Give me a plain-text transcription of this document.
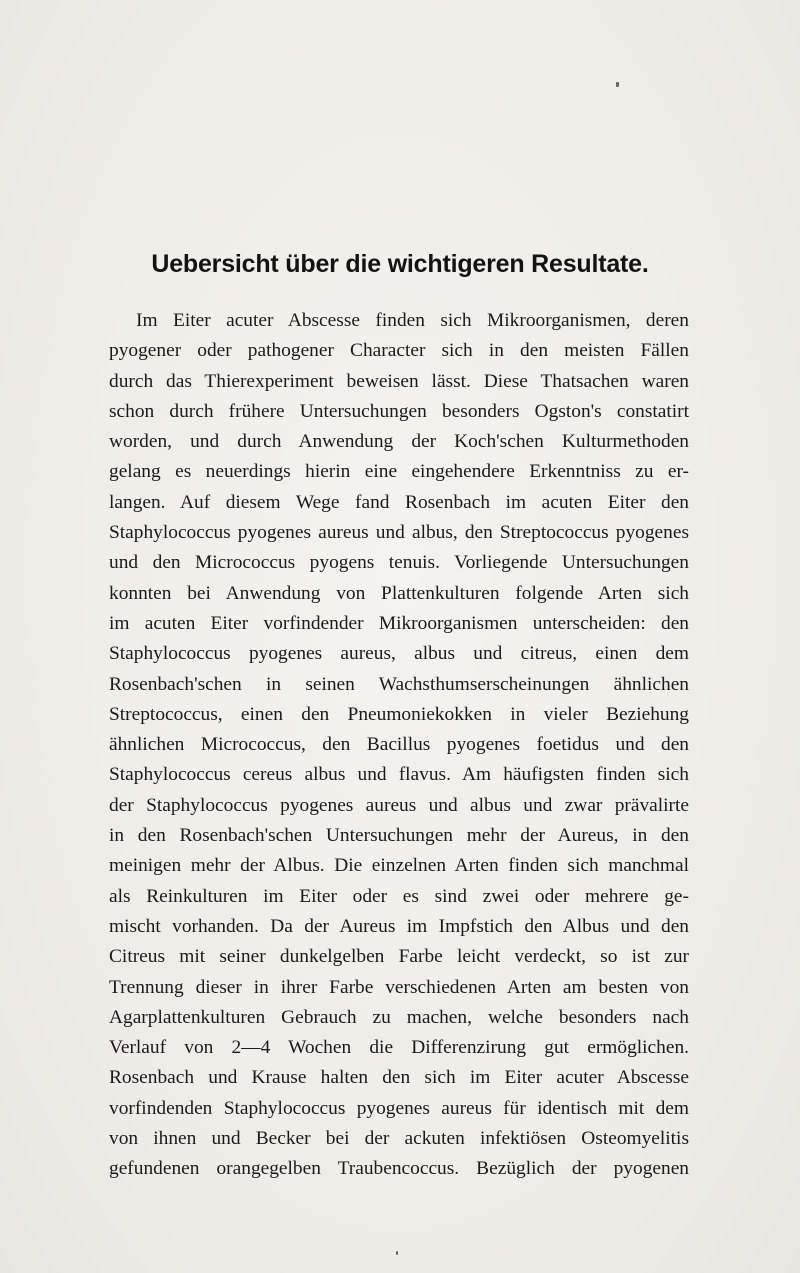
Uebersicht über die wichtigeren Resultate.
Im Eiter acuter Abscesse finden sich Mikroorganismen, deren
pyogener oder pathogener Character sich in den meisten Fällen
durch das Thierexperiment beweisen lässt. Diese Thatsachen waren
schon durch frühere Untersuchungen besonders Ogston's constatirt
worden, und durch Anwendung der Koch'schen Kulturmethoden
gelang es neuerdings hierin eine eingehendere Erkenntniss zu er-
langen. Auf diesem Wege fand Rosenbach im acuten Eiter den
Staphylococcus pyogenes aureus und albus, den Streptococcus pyogenes
und den Micrococcus pyogens tenuis. Vorliegende Untersuchungen
konnten bei Anwendung von Plattenkulturen folgende Arten sich
im acuten Eiter vorfindender Mikroorganismen unterscheiden: den
Staphylococcus pyogenes aureus, albus und citreus, einen dem
Rosenbach'schen in seinen Wachsthumserscheinungen ähnlichen
Streptococcus, einen den Pneumoniekokken in vieler Beziehung
ähnlichen Micrococcus, den Bacillus pyogenes foetidus und den
Staphylococcus cereus albus und flavus. Am häufigsten finden sich
der Staphylococcus pyogenes aureus und albus und zwar prävalirte
in den Rosenbach'schen Untersuchungen mehr der Aureus, in den
meinigen mehr der Albus. Die einzelnen Arten finden sich manchmal
als Reinkulturen im Eiter oder es sind zwei oder mehrere ge-
mischt vorhanden. Da der Aureus im Impfstich den Albus und den
Citreus mit seiner dunkelgelben Farbe leicht verdeckt, so ist zur
Trennung dieser in ihrer Farbe verschiedenen Arten am besten von
Agarplattenkulturen Gebrauch zu machen, welche besonders nach
Verlauf von 2—4 Wochen die Differenzirung gut ermöglichen.
Rosenbach und Krause halten den sich im Eiter acuter Abscesse
vorfindenden Staphylococcus pyogenes aureus für identisch mit dem
von ihnen und Becker bei der ackuten infektiösen Osteomyelitis
gefundenen orangegelben Traubencoccus. Bezüglich der pyogenen
